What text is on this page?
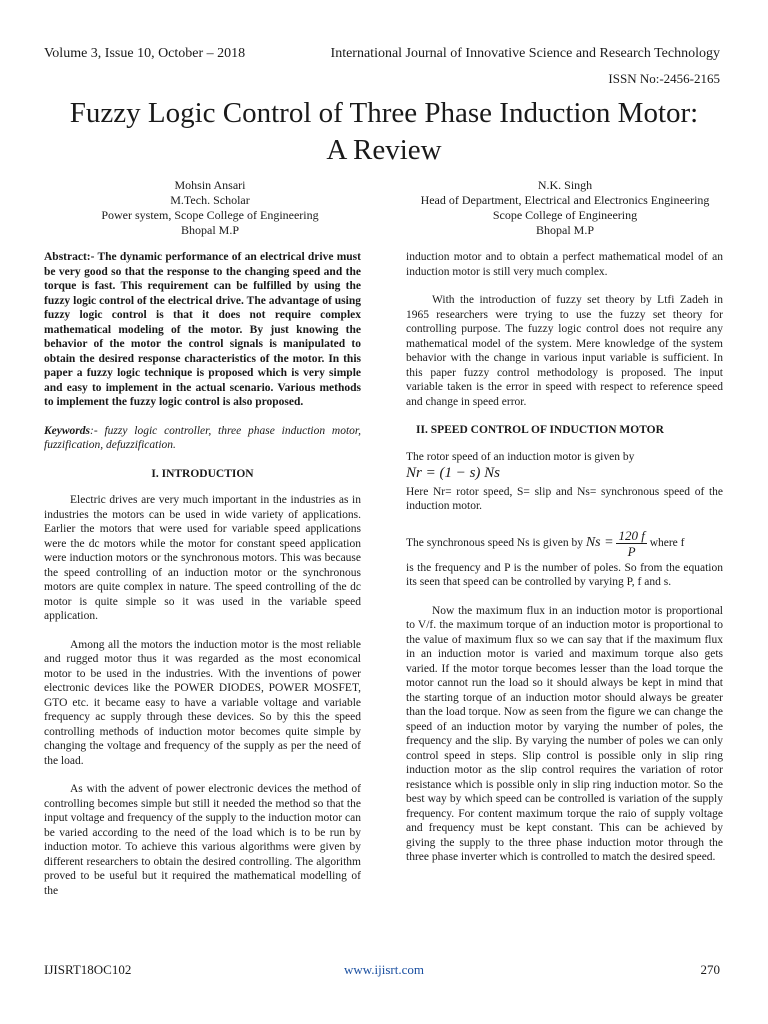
Volume 3, Issue 10, October – 2018	International Journal of Innovative Science and Research Technology
ISSN No:-2456-2165
Fuzzy Logic Control of Three Phase Induction Motor:
A Review
Mohsin Ansari
M.Tech. Scholar
Power system, Scope College of Engineering
Bhopal M.P
N.K. Singh
Head of Department, Electrical and Electronics Engineering
Scope College of Engineering
Bhopal M.P

Abstract:- The dynamic performance of an electrical drive must be very good so that the response to the changing speed and the torque is fast. This requirement can be fulfilled by using the fuzzy logic control of the electrical drive. The advantage of using fuzzy logic control is that it does not require complex mathematical modeling of the motor. By just knowing the behavior of the motor the control signals is manipulated to obtain the desired response characteristics of the motor. In this paper a fuzzy logic technique is proposed which is very simple and easy to implement in the actual scenario. Various methods to implement the fuzzy logic control is also proposed.

Keywords:- fuzzy logic controller, three phase induction motor, fuzzification, defuzzification.

I. INTRODUCTION

Electric drives are very much important in the industries as in industries the motors can be used in wide variety of applications. Earlier the motors that were used for variable speed applications were the dc motors while the motor for constant speed application were induction motors or the synchronous motors. This was because the speed controlling of an induction motor or the synchronous motors are quite complex in nature. The speed controlling of the dc motor is quite simple so it was used in the variable speed application.

Among all the motors the induction motor is the most reliable and rugged motor thus it was regarded as the most economical motor to be used in the industries. With the inventions of power electronic devices like the POWER DIODES, POWER MOSFET, GTO etc. it became easy to have a variable voltage and variable frequency ac supply through these devices. So by this the speed controlling methods of induction motor becomes quite simple by changing the voltage and frequency of the supply as per the need of the load.

As with the advent of power electronic devices the method of controlling becomes simple but still it needed the method so that the input voltage and frequency of the supply to the induction motor can be varied according to the need of the load which is to be run by induction motor. To achieve this various algorithms were given by different researchers to obtain the desired controlling. The algorithm proved to be useful but it required the mathematical modelling of the

induction motor and to obtain a perfect mathematical model of an induction motor is still very much complex.

With the introduction of fuzzy set theory by Ltfi Zadeh in 1965 researchers were trying to use the fuzzy set theory for controlling purpose. The fuzzy logic control does not require any mathematical model of the system. Mere knowledge of the system behavior with the change in various input variable is sufficient. In this paper fuzzy control methodology is proposed. The input variable taken is the error in speed with respect to reference speed and change in speed error.

II. SPEED CONTROL OF INDUCTION MOTOR

The rotor speed of an induction motor is given by

Nr = (1 − s) Ns

Here Nr= rotor speed, S= slip and Ns= synchronous speed of the induction motor.

The synchronous speed Ns is given by $Ns = \frac{120 f}{P}$ where f

is the frequency and P is the number of poles. So from the equation its seen that speed can be controlled by varying P, f and s.

Now the maximum flux in an induction motor is proportional to V/f. the maximum torque of an induction motor is proportional to the value of maximum flux so we can say that if the maximum flux in an induction motor is varied and maximum torque also gets varied. If the motor torque becomes lesser than the load torque the motor cannot run the load so it should always be kept in mind that the starting torque of an induction motor should always be greater than the load torque. Now as seen from the figure we can change the speed of an induction motor by varying the number of poles, the frequency and the slip. By varying the number of poles we can only control speed in steps. Slip control is possible only in slip ring induction motor as the slip control requires the variation of rotor resistance which is possible only in slip ring induction motor. So the best way by which speed can be controlled is variation of the supply frequency. For content maximum torque the raio of supply voltage and frequency must be kept constant. This can be achieved by giving the supply to the three phase induction motor through the three phase inverter which is controlled to match the desired speed.

IJISRT18OC102	www.ijisrt.com	270
